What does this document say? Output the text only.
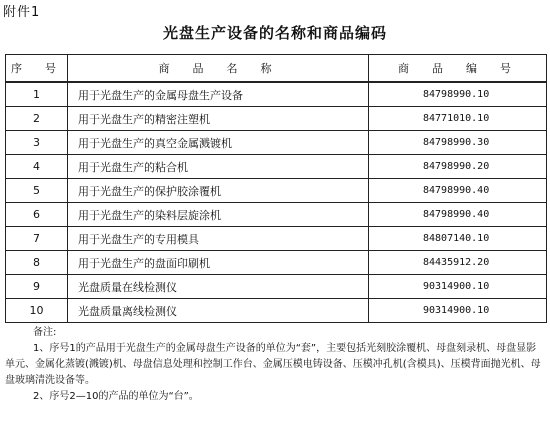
附件1
光盘生产设备的名称和商品编码
序　号	商　品　名　称	商　品　编　号
1	用于光盘生产的金属母盘生产设备	84798990.10
2	用于光盘生产的精密注塑机	84771010.10
3	用于光盘生产的真空金属溅镀机	84798990.30
4	用于光盘生产的粘合机	84798990.20
5	用于光盘生产的保护胶涂覆机	84798990.40
6	用于光盘生产的染料层旋涂机	84798990.40
7	用于光盘生产的专用模具	84807140.10
8	用于光盘生产的盘面印刷机	84435912.20
9	光盘质量在线检测仪	90314900.10
10	光盘质量离线检测仪	90314900.10
备注:
1、序号1的产品用于光盘生产的金属母盘生产设备的单位为“套”，主要包括光刻胶涂覆机、母盘刻录机、母盘显影单元、金属化蒸镀(溅镀)机、母盘信息处理和控制工作台、金属压模电铸设备、压模冲孔机(含模具)、压模背面抛光机、母盘玻璃清洗设备等。
2、序号2—10的产品的单位为“台”。
